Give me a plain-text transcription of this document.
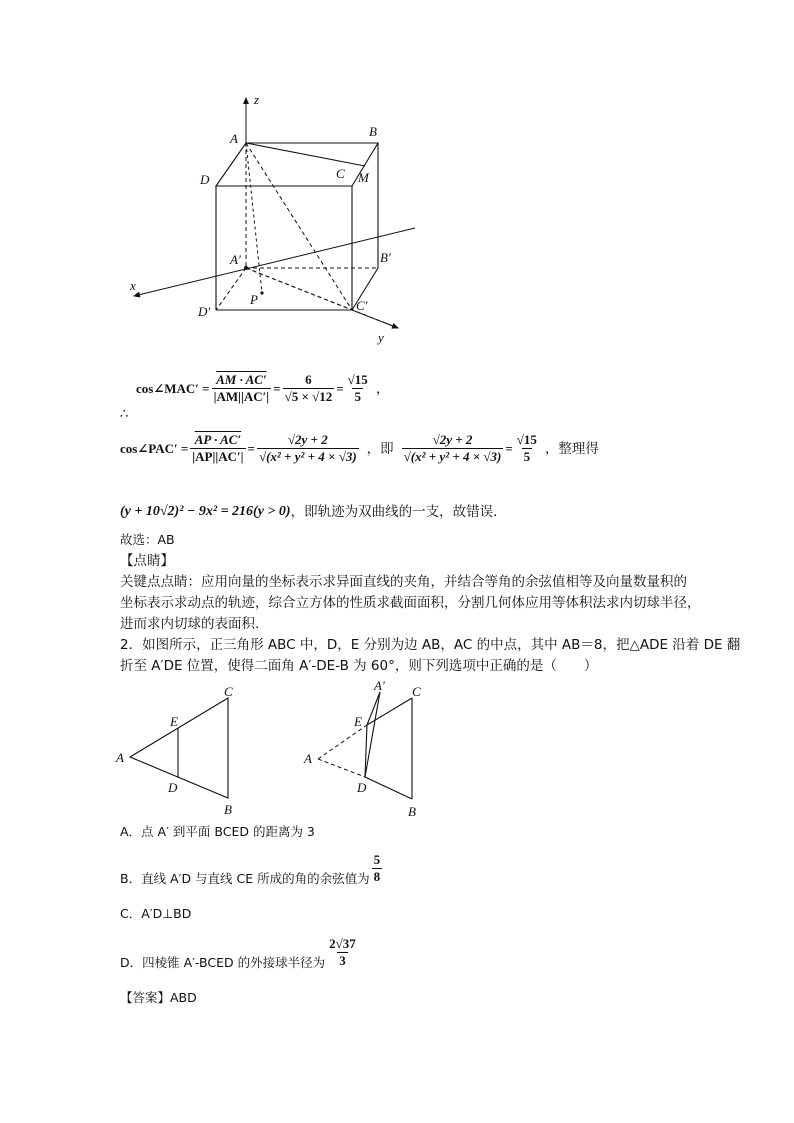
z
A	B
D	C M
A′	B′
x
P
D′	C′
y
cos∠MAC′ = $\frac{AM \cdot AC'}{|AM||AC'|} = \frac{6}{√5 \times √12} = \frac{√15}{5}$ ，
∴
cos∠PAC′ = $\frac{AP \cdot AC'}{|AP||AC'|} = \frac{√2y + 2}{\text{√(x² + y² + 4 × √3)}}$ ，即 $\frac{√2y + 2}{\text{√(x² + y² + 4 × √3)}} = \frac{√15}{5}$ ，整理得
(y + 10√2)² − 9x² = 216(y > 0) ，即轨迹为双曲线的一支，故错误.
故选：AB
【点睛】
关键点点睛：应用向量的坐标表示求异面直线的夹角，并结合等角的余弦值相等及向量数量积的
坐标表示求动点的轨迹，综合立方体的性质求截面面积，分割几何体应用等体积法求内切球半径，
进而求内切球的表面积.
2．如图所示，正三角形 ABC 中，D，E 分别为边 AB，AC 的中点，其中 AB＝8，把△ADE 沿着 DE 翻
折至 A′DE 位置，使得二面角 A′-DE-B 为 60°，则下列选项中正确的是（　　）
A
C
E
D
B
A
A′ C
E
D
B
A．点 A′ 到平面 BCED 的距离为 3
B．直线 A′D 与直线 CE 所成的角的余弦值为 $\frac{5}{8}$
C．A′D⊥BD
D．四棱锥 A′-BCED 的外接球半径为 $\frac{2√37}{3}$
【答案】ABD
